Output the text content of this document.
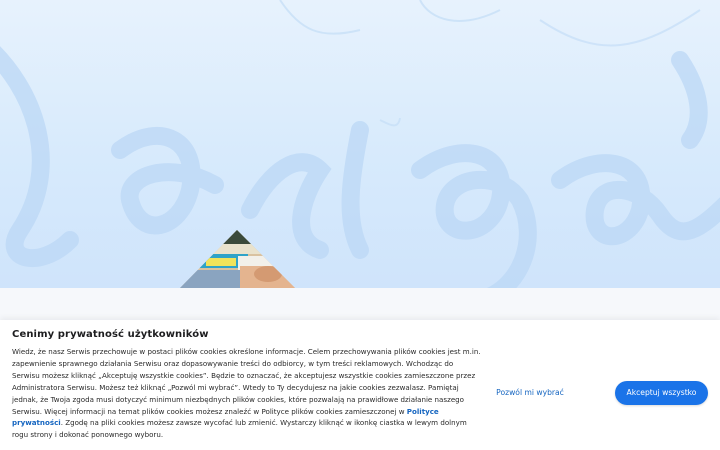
Cenimy prywatność użytkowników
Wiedz, że nasz Serwis przechowuje w postaci plików cookies określone informacje. Celem przechowywania plików cookies jest m.in. zapewnienie sprawnego działania Serwisu oraz dopasowywanie treści do odbiorcy, w tym treści reklamowych. Wchodząc do Serwisu możesz kliknąć „Akceptuję wszystkie cookies”. Będzie to oznaczać, że akceptujesz wszystkie cookies zamieszczone przez Administratora Serwisu. Możesz też kliknąć „Pozwól mi wybrać”. Wtedy to Ty decydujesz na jakie cookies zezwalasz. Pamiętaj jednak, że Twoja zgoda musi dotyczyć minimum niezbędnych plików cookies, które pozwalają na prawidłowe działanie naszego Serwisu. Więcej informacji na temat plików cookies możesz znaleźć w Polityce plików cookies zamieszczonej w Polityce prywatności. Zgodę na pliki cookies możesz zawsze wycofać lub zmienić. Wystarczy kliknąć w ikonkę ciastka w lewym dolnym rogu strony i dokonać ponownego wyboru.
Pozwól mi wybrać	Akceptuj wszystko
